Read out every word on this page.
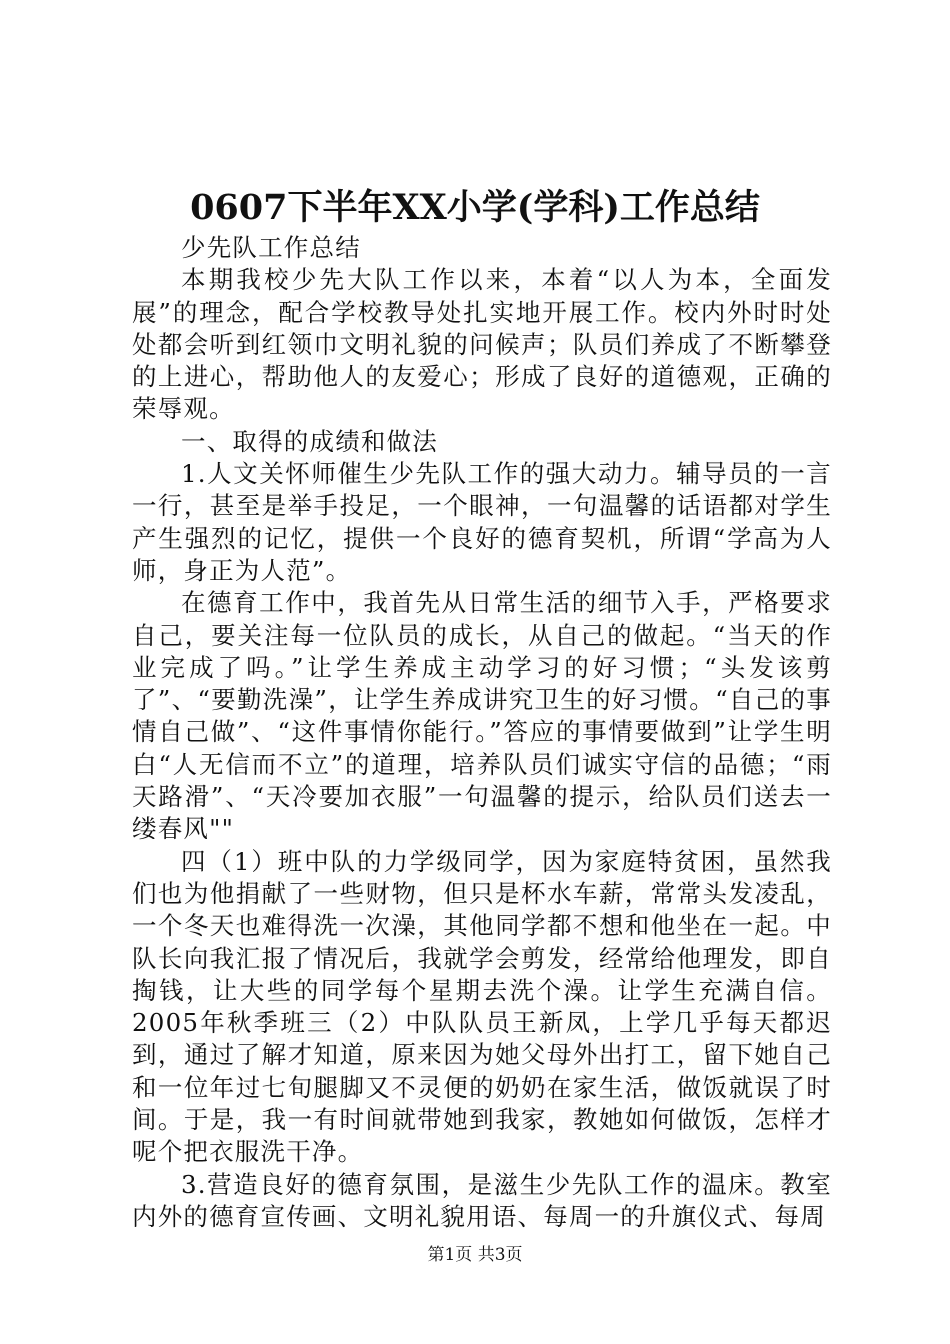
0607下半年XX小学(学科)工作总结

少先队工作总结

本期我校少先大队工作以来，本着“以人为本，全面发展”的理念，配合学校教导处扎实地开展工作。校内外时时处处都会听到红领巾文明礼貌的问候声；队员们养成了不断攀登的上进心，帮助他人的友爱心；形成了良好的道德观，正确的荣辱观。

一、取得的成绩和做法

1.人文关怀师催生少先队工作的强大动力。辅导员的一言一行，甚至是举手投足，一个眼神，一句温馨的话语都对学生产生强烈的记忆，提供一个良好的德育契机，所谓“学高为人师，身正为人范”。

在德育工作中，我首先从日常生活的细节入手，严格要求自己，要关注每一位队员的成长，从自己的做起。“当天的作业完成了吗。”让学生养成主动学习的好习惯；“头发该剪了”、“要勤洗澡”，让学生养成讲究卫生的好习惯。“自己的事情自己做”、“这件事情你能行。”答应的事情要做到”让学生明白“人无信而不立”的道理，培养队员们诚实守信的品德；“雨天路滑”、“天冷要加衣服”一句温馨的提示，给队员们送去一缕春风""

四（1）班中队的力学级同学，因为家庭特贫困，虽然我们也为他捐献了一些财物，但只是杯水车薪，常常头发凌乱，一个冬天也难得洗一次澡，其他同学都不想和他坐在一起。中队长向我汇报了情况后，我就学会剪发，经常给他理发，即自掏钱，让大些的同学每个星期去洗个澡。让学生充满自信。2005年秋季班三（2）中队队员王新凤，上学几乎每天都迟到，通过了解才知道，原来因为她父母外出打工，留下她自己和一位年过七旬腿脚又不灵便的奶奶在家生活，做饭就误了时间。于是，我一有时间就带她到我家，教她如何做饭，怎样才呢个把衣服洗干净。

3.营造良好的德育氛围，是滋生少先队工作的温床。教室内外的德育宣传画、文明礼貌用语、每周一的升旗仪式、每周

第1页 共3页
